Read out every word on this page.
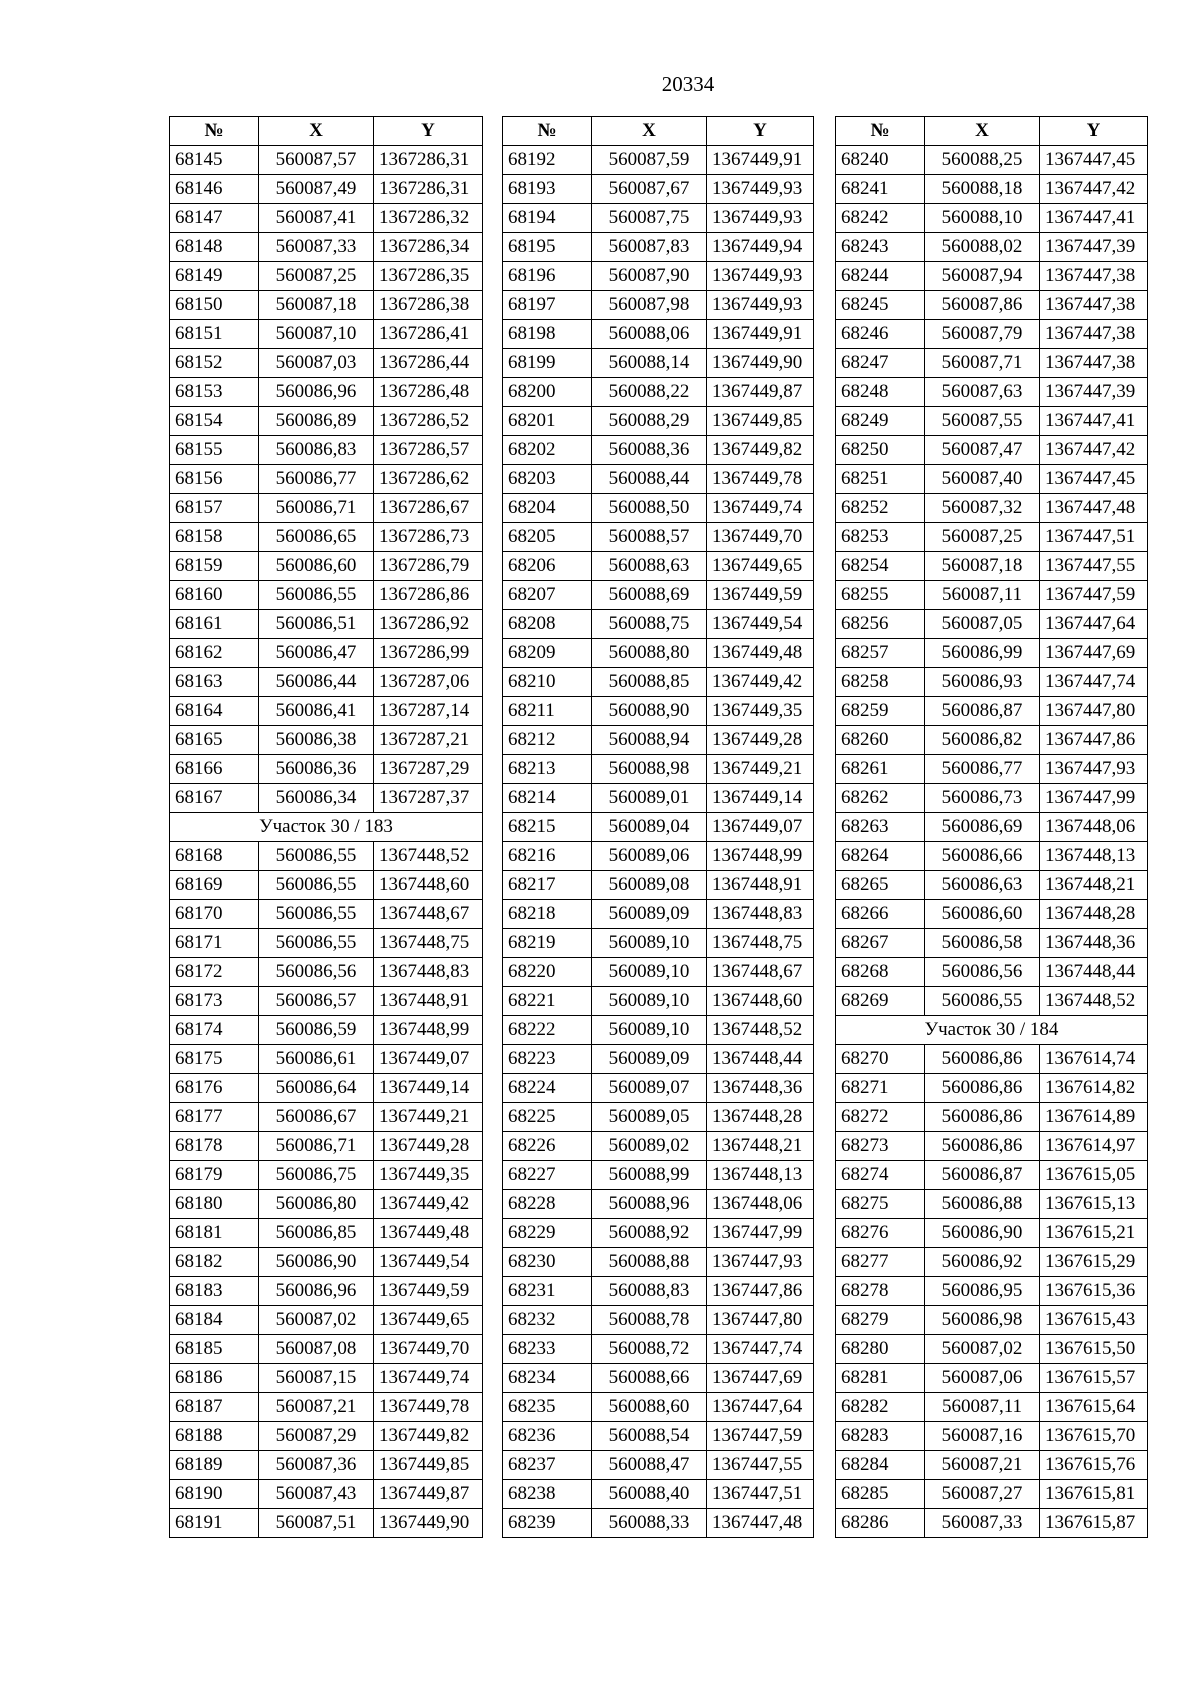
20334
№	X	Y
68145	560087,57	1367286,31
68146	560087,49	1367286,31
68147	560087,41	1367286,32
68148	560087,33	1367286,34
68149	560087,25	1367286,35
68150	560087,18	1367286,38
68151	560087,10	1367286,41
68152	560087,03	1367286,44
68153	560086,96	1367286,48
68154	560086,89	1367286,52
68155	560086,83	1367286,57
68156	560086,77	1367286,62
68157	560086,71	1367286,67
68158	560086,65	1367286,73
68159	560086,60	1367286,79
68160	560086,55	1367286,86
68161	560086,51	1367286,92
68162	560086,47	1367286,99
68163	560086,44	1367287,06
68164	560086,41	1367287,14
68165	560086,38	1367287,21
68166	560086,36	1367287,29
68167	560086,34	1367287,37
Участок 30 / 183		
68168	560086,55	1367448,52
68169	560086,55	1367448,60
68170	560086,55	1367448,67
68171	560086,55	1367448,75
68172	560086,56	1367448,83
68173	560086,57	1367448,91
68174	560086,59	1367448,99
68175	560086,61	1367449,07
68176	560086,64	1367449,14
68177	560086,67	1367449,21
68178	560086,71	1367449,28
68179	560086,75	1367449,35
68180	560086,80	1367449,42
68181	560086,85	1367449,48
68182	560086,90	1367449,54
68183	560086,96	1367449,59
68184	560087,02	1367449,65
68185	560087,08	1367449,70
68186	560087,15	1367449,74
68187	560087,21	1367449,78
68188	560087,29	1367449,82
68189	560087,36	1367449,85
68190	560087,43	1367449,87
68191	560087,51	1367449,90
№	X	Y
68192	560087,59	1367449,91
68193	560087,67	1367449,93
68194	560087,75	1367449,93
68195	560087,83	1367449,94
68196	560087,90	1367449,93
68197	560087,98	1367449,93
68198	560088,06	1367449,91
68199	560088,14	1367449,90
68200	560088,22	1367449,87
68201	560088,29	1367449,85
68202	560088,36	1367449,82
68203	560088,44	1367449,78
68204	560088,50	1367449,74
68205	560088,57	1367449,70
68206	560088,63	1367449,65
68207	560088,69	1367449,59
68208	560088,75	1367449,54
68209	560088,80	1367449,48
68210	560088,85	1367449,42
68211	560088,90	1367449,35
68212	560088,94	1367449,28
68213	560088,98	1367449,21
68214	560089,01	1367449,14
68215	560089,04	1367449,07
68216	560089,06	1367448,99
68217	560089,08	1367448,91
68218	560089,09	1367448,83
68219	560089,10	1367448,75
68220	560089,10	1367448,67
68221	560089,10	1367448,60
68222	560089,10	1367448,52
68223	560089,09	1367448,44
68224	560089,07	1367448,36
68225	560089,05	1367448,28
68226	560089,02	1367448,21
68227	560088,99	1367448,13
68228	560088,96	1367448,06
68229	560088,92	1367447,99
68230	560088,88	1367447,93
68231	560088,83	1367447,86
68232	560088,78	1367447,80
68233	560088,72	1367447,74
68234	560088,66	1367447,69
68235	560088,60	1367447,64
68236	560088,54	1367447,59
68237	560088,47	1367447,55
68238	560088,40	1367447,51
68239	560088,33	1367447,48
№	X	Y
68240	560088,25	1367447,45
68241	560088,18	1367447,42
68242	560088,10	1367447,41
68243	560088,02	1367447,39
68244	560087,94	1367447,38
68245	560087,86	1367447,38
68246	560087,79	1367447,38
68247	560087,71	1367447,38
68248	560087,63	1367447,39
68249	560087,55	1367447,41
68250	560087,47	1367447,42
68251	560087,40	1367447,45
68252	560087,32	1367447,48
68253	560087,25	1367447,51
68254	560087,18	1367447,55
68255	560087,11	1367447,59
68256	560087,05	1367447,64
68257	560086,99	1367447,69
68258	560086,93	1367447,74
68259	560086,87	1367447,80
68260	560086,82	1367447,86
68261	560086,77	1367447,93
68262	560086,73	1367447,99
68263	560086,69	1367448,06
68264	560086,66	1367448,13
68265	560086,63	1367448,21
68266	560086,60	1367448,28
68267	560086,58	1367448,36
68268	560086,56	1367448,44
68269	560086,55	1367448,52
Участок 30 / 184		
68270	560086,86	1367614,74
68271	560086,86	1367614,82
68272	560086,86	1367614,89
68273	560086,86	1367614,97
68274	560086,87	1367615,05
68275	560086,88	1367615,13
68276	560086,90	1367615,21
68277	560086,92	1367615,29
68278	560086,95	1367615,36
68279	560086,98	1367615,43
68280	560087,02	1367615,50
68281	560087,06	1367615,57
68282	560087,11	1367615,64
68283	560087,16	1367615,70
68284	560087,21	1367615,76
68285	560087,27	1367615,81
68286	560087,33	1367615,87
